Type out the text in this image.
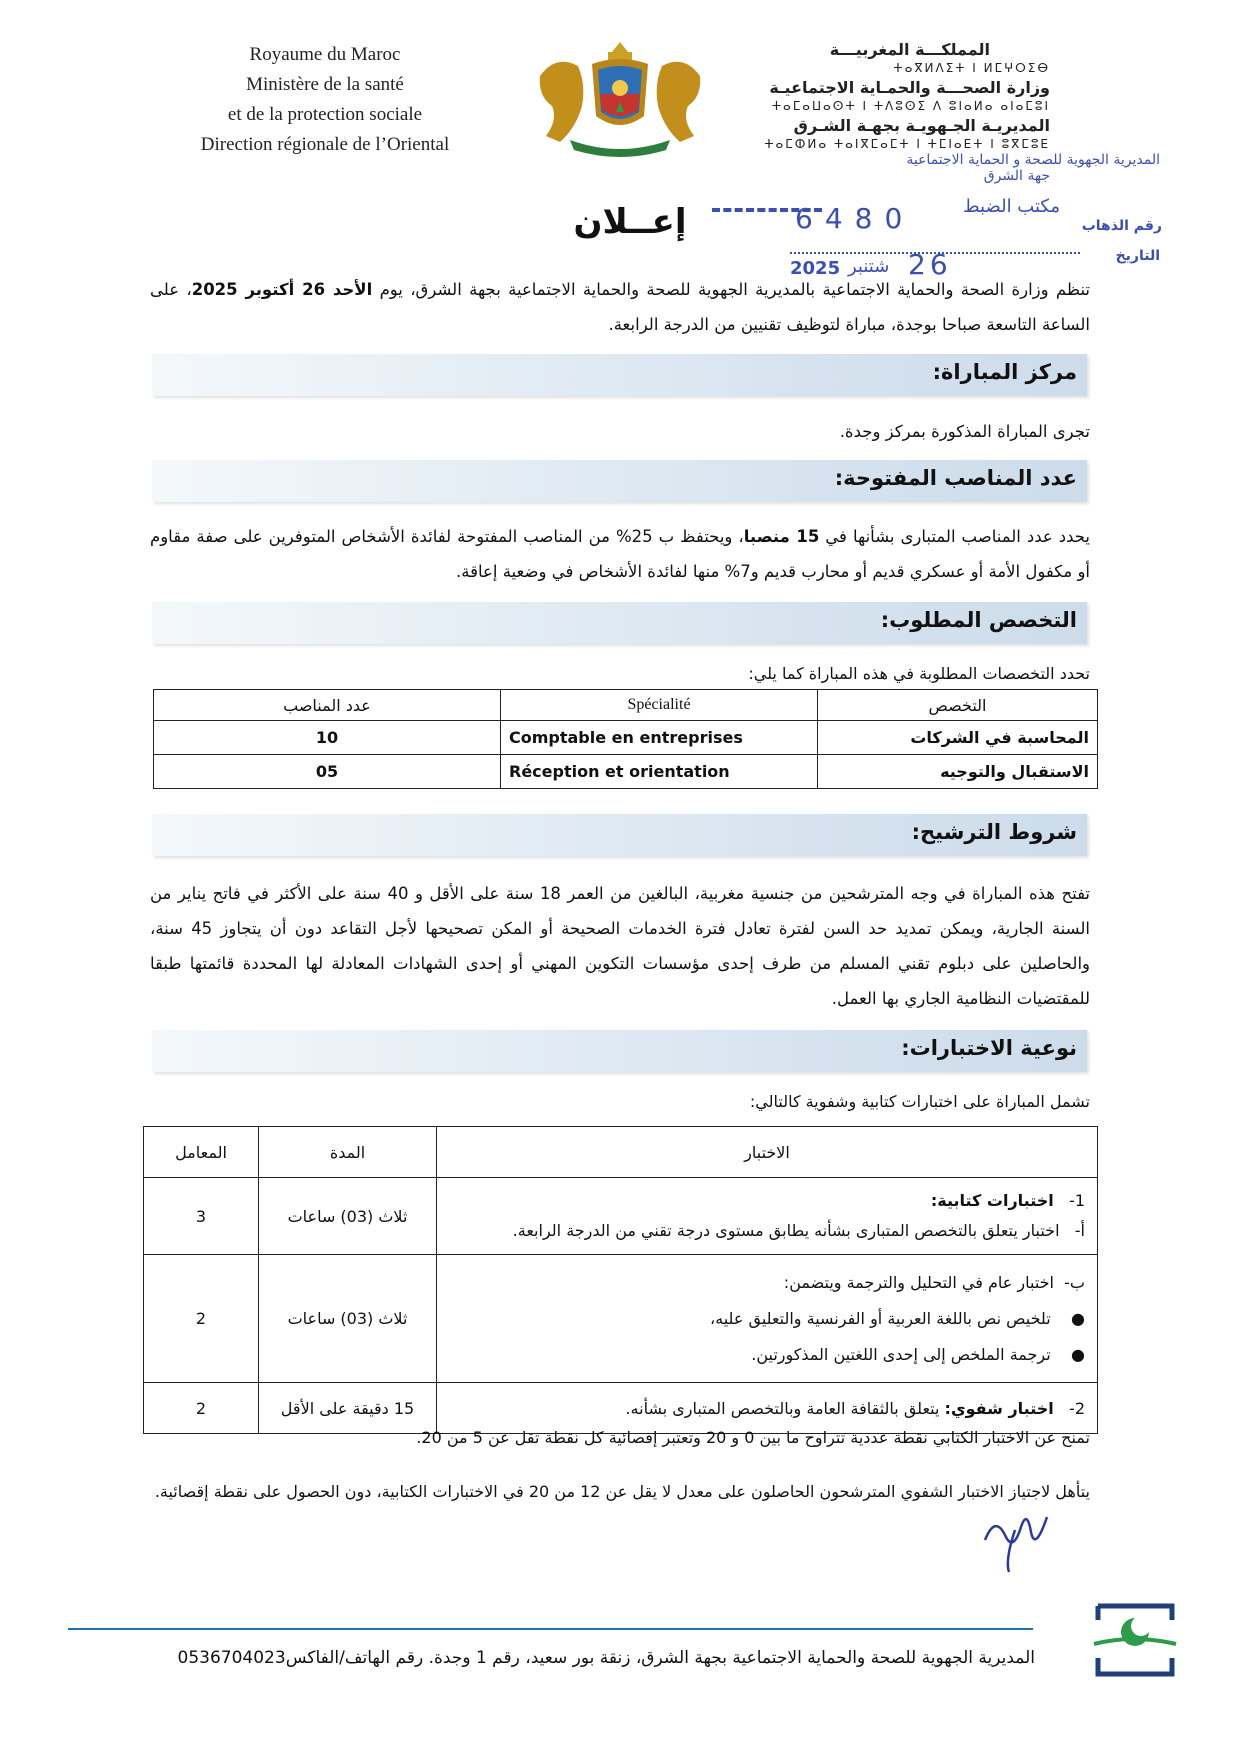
Royaume du Maroc
Ministère de la santé
et de la protection sociale
Direction régionale de l’Oriental
المملكـــة المغربيـــة
ⵜⴰⴳⵍⴷⵉⵜ ⵏ ⵍⵎⵖⵔⵉⴱ
وزارة الصحـــة والحمـاية الاجتماعيـة
ⵜⴰⵎⴰⵡⴰⵙⵜ ⵏ ⵜⴷⵓⵙⵉ ⴷ ⵓⵏⴰⵍⴰ ⴰⵏⴰⵎⵓⵏ
المديريـة الجـهويـة بجهـة الشـرق
ⵜⴰⵎⵀⵍⴰ ⵜⴰⵏⴳⵎⴰⵎⵜ ⵏ ⵜⵎⵏⴰⴹⵜ ⵏ ⵓⴳⵎⵓⴹ
المديرية الجهوية للصحة و الحماية الاجتماعية
جهة الشرق
مكتب الضبط
رقم الذهاب
التاريخ
6480
2025 شتنبر 26
إعــلان
تنظم وزارة الصحة والحماية الاجتماعية بالمديرية الجهوية للصحة والحماية الاجتماعية بجهة الشرق، يوم الأحد 26 أكتوبر 2025، على الساعة التاسعة صباحا بوجدة، مباراة لتوظيف تقنيين من الدرجة الرابعة.
مركز المباراة:
تجرى المباراة المذكورة بمركز وجدة.
عدد المناصب المفتوحة:
يحدد عدد المناصب المتبارى بشأنها في 15 منصبا، ويحتفظ ب 25% من المناصب المفتوحة لفائدة الأشخاص المتوفرين على صفة مقاوم أو مكفول الأمة أو عسكري قديم أو محارب قديم و7% منها لفائدة الأشخاص في وضعية إعاقة.
التخصص المطلوب:
تحدد التخصصات المطلوبة في هذه المباراة كما يلي:
عدد المناصب	Spécialité	التخصص
10	Comptable en entreprises	المحاسبة في الشركات
05	Réception et orientation	الاستقبال والتوجيه
شروط الترشيح:
تفتح هذه المباراة في وجه المترشحين من جنسية مغربية، البالغين من العمر 18 سنة على الأقل و 40 سنة على الأكثر في فاتح يناير من السنة الجارية، ويمكن تمديد حد السن لفترة تعادل فترة الخدمات الصحيحة أو المكن تصحيحها لأجل التقاعد دون أن يتجاوز 45 سنة، والحاصلين على دبلوم تقني المسلم من طرف إحدى مؤسسات التكوين المهني أو إحدى الشهادات المعادلة لها المحددة قائمتها طبقا للمقتضيات النظامية الجاري بها العمل.
نوعية الاختبارات:
تشمل المباراة على اختبارات كتابية وشفوية كالتالي:
المعامل	المدة	الاختبار
3	ثلاث (03) ساعات	1-   اختبارات كتابية:
أ-   اختبار يتعلق بالتخصص المتبارى بشأنه يطابق مستوى درجة تقني من الدرجة الرابعة.

2	ثلاث (03) ساعات	ب-  اختبار عام في التحليل والترجمة ويتضمن:
●    تلخيص نص باللغة العربية أو الفرنسية والتعليق عليه،
●    ترجمة الملخص إلى إحدى اللغتين المذكورتين.

2	15 دقيقة على الأقل	2-   اختبار شفوي: يتعلق بالثقافة العامة وبالتخصص المتبارى بشأنه.
تمنح عن الاختبار الكتابي نقطة عددية تتراوح ما بين 0 و 20 وتعتبر إقصائية كل نقطة تقل عن 5 من 20.
يتأهل لاجتياز الاختبار الشفوي المترشحون الحاصلون على معدل لا يقل عن 12 من 20 في الاختبارات الكتابية، دون الحصول على نقطة إقصائية.
المديرية الجهوية للصحة والحماية الاجتماعية بجهة الشرق، زنقة بور سعيد، رقم 1 وجدة. رقم الهاتف/الفاكس0536704023
